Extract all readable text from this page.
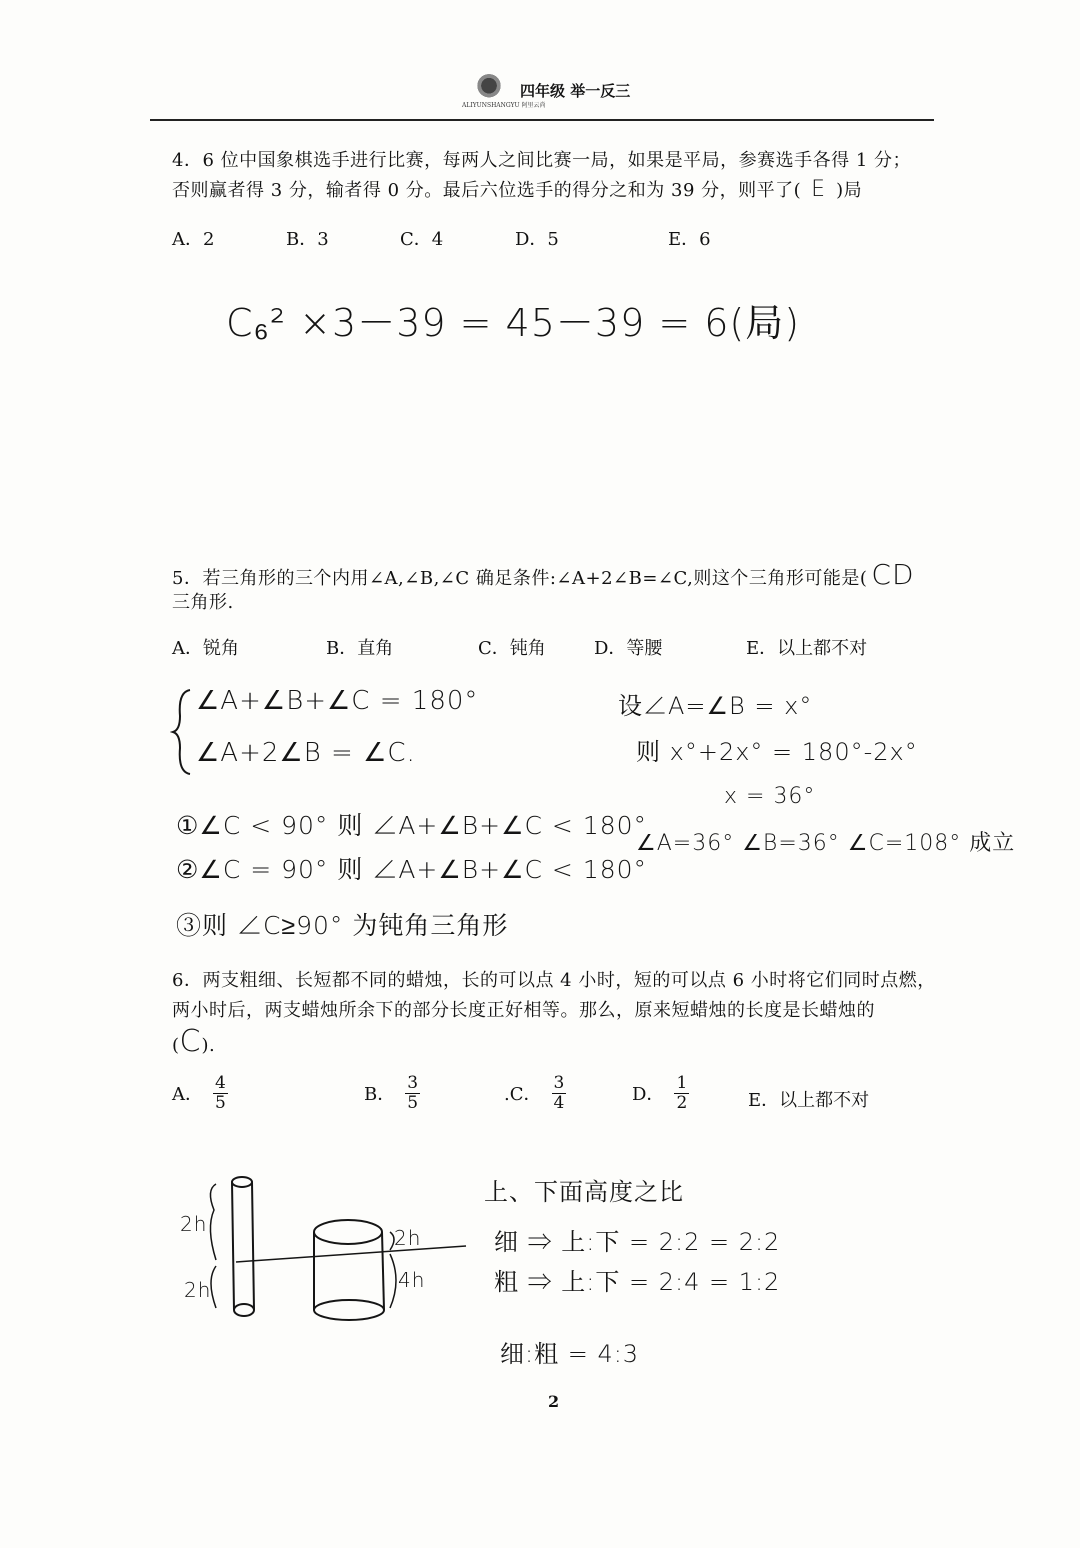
ALIYUNSHANGYU 阿里云尚
四年级 举一反三
4．6 位中国象棋选手进行比赛，每两人之间比赛一局，如果是平局，参赛选手各得 1 分；
否则赢者得 3 分，输者得 0 分。最后六位选手的得分之和为 39 分，则平了( E )局
A．2	B．3	C．4	D．5	E．6
C₆² ×3－39 = 45－39 = 6(局)
5．若三角形的三个内用∠A,∠B,∠C 确足条件:∠A+2∠B=∠C,则这个三角形可能是( CD
三角形.
A．锐角	B．直角	C．钝角	D．等腰	E．以上都不对
∠A+∠B+∠C = 180°
∠A+2∠B = ∠C.
①∠C < 90° 则 ∠A+∠B+∠C < 180°
②∠C = 90° 则 ∠A+∠B+∠C < 180°
③则 ∠C≥90° 为钝角三角形
设∠A=∠B = x°
则 x°+2x° = 180°-2x°
x = 36°
∠A=36° ∠B=36° ∠C=108° 成立
6．两支粗细、长短都不同的蜡烛，长的可以点 4 小时，短的可以点 6 小时将它们同时点燃，
两小时后，两支蜡烛所余下的部分长度正好相等。那么，原来短蜡烛的长度是长蜡烛的
(C).
A． $\frac{4}{5}$	B． $\frac{3}{5}$	.C． $\frac{3}{4}$	D． $\frac{1}{2}$	E．以上都不对
2h
2h
2h
4h
上、下面高度之比
细 ⇒ 上:下 = 2:2 = 2:2
粗 ⇒ 上:下 = 2:4 = 1:2
细:粗 = 4:3
2
